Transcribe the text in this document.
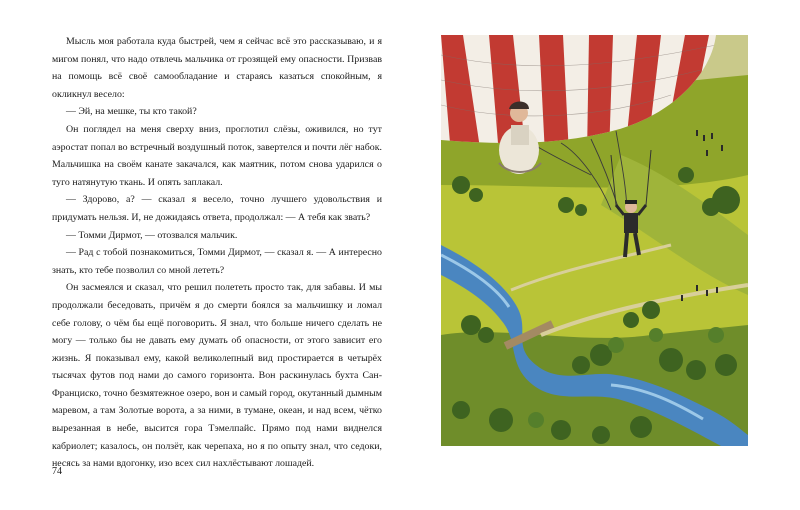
Мысль моя работала куда быстрей, чем я сейчас всё это рассказываю, и я мигом понял, что надо отвлечь мальчика от грозящей ему опасности. Призвав на помощь всё своё самообладание и стараясь казаться спокойным, я окликнул весело:

— Эй, на мешке, ты кто такой?

Он поглядел на меня сверху вниз, проглотил слёзы, оживился, но тут аэростат попал во встречный воздушный поток, завертелся и почти лёг набок. Мальчишка на своём канате закачался, как маятник, потом снова ударился о туго натянутую ткань. И опять заплакал.

— Здорово, а? — сказал я весело, точно лучшего удовольствия и придумать нельзя. И, не дожидаясь ответа, продолжал: — А тебя как звать?

— Томми Дирмот, — отозвался мальчик.

— Рад с тобой познакомиться, Томми Дирмот, — сказал я. — А интересно знать, кто тебе позволил со мной лететь?

Он засмеялся и сказал, что решил полететь просто так, для забавы. И мы продолжали беседовать, причём я до смерти боялся за мальчишку и ломал себе голову, о чём бы ещё поговорить. Я знал, что больше ничего сделать не могу — только бы не давать ему думать об опасности, от этого зависит его жизнь. Я показывал ему, какой великолепный вид простирается в четырёх тысячах футов под нами до самого горизонта. Вон раскинулась бухта Сан-Франциско, точно безмятежное озеро, вон и самый город, окутанный дымным маревом, а там Золотые ворота, а за ними, в тумане, океан, и над всем, чётко вырезанная в небе, высится гора Тэмелпайс. Прямо под нами виднелся кабриолет; казалось, он ползёт, как черепаха, но я по опыту знал, что седоки, несясь за нами вдогонку, изо всех сил нахлёстывают лошадей.

74
